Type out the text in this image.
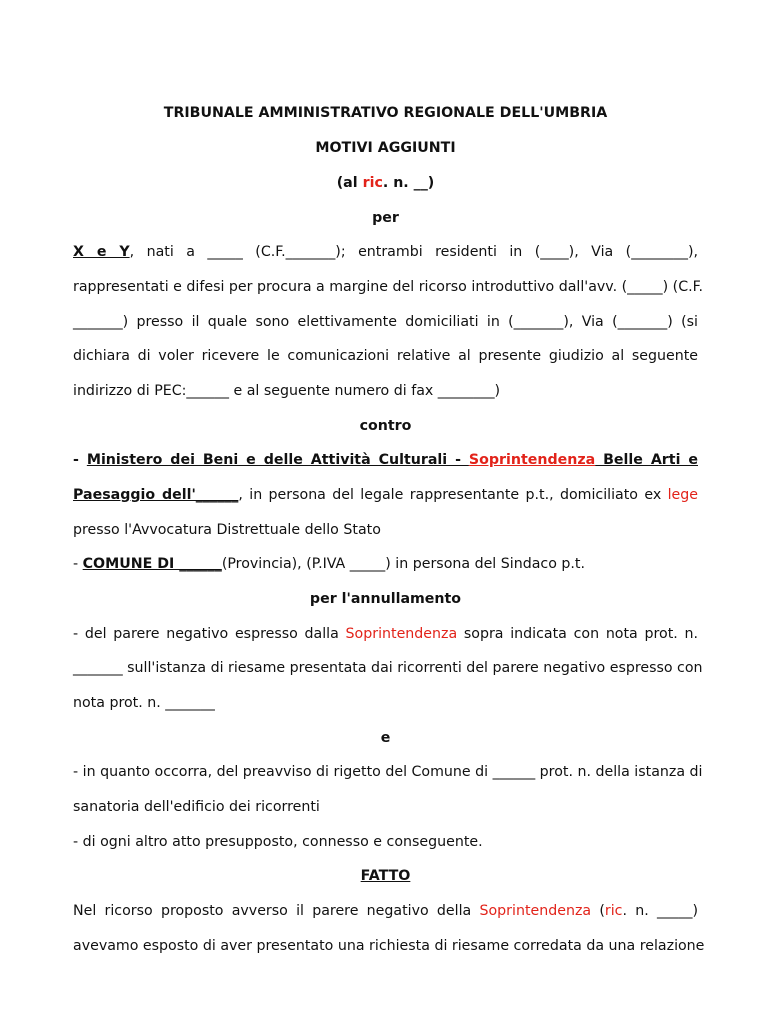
TRIBUNALE AMMINISTRATIVO REGIONALE DELL'UMBRIA
MOTIVI AGGIUNTI
(al ric. n. __)
per
X e Y, nati a _____ (C.F._______); entrambi residenti in (____), Via (________),
rappresentati e difesi per procura a margine del ricorso introduttivo dall'avv. (_____) (C.F.
_______) presso il quale sono elettivamente domiciliati in (_______), Via (_______) (si
dichiara di voler ricevere le comunicazioni relative al presente giudizio al seguente
indirizzo di PEC:______ e al seguente numero di fax ________)
contro
- Ministero dei Beni e delle Attività Culturali - Soprintendenza Belle Arti e
Paesaggio dell'______, in persona del legale rappresentante p.t., domiciliato ex lege
presso l'Avvocatura Distrettuale dello Stato
- COMUNE DI ______(Provincia), (P.IVA _____) in persona del Sindaco p.t.
per l'annullamento
- del parere negativo espresso dalla Soprintendenza sopra indicata con nota prot. n.
_______ sull'istanza di riesame presentata dai ricorrenti del parere negativo espresso con
nota prot. n. _______
e
- in quanto occorra, del preavviso di rigetto del Comune di ______ prot. n. della istanza di
sanatoria dell'edificio dei ricorrenti
- di ogni altro atto presupposto, connesso e conseguente.
FATTO
Nel ricorso proposto avverso il parere negativo della Soprintendenza (ric. n. _____)
avevamo esposto di aver presentato una richiesta di riesame corredata da una relazione
